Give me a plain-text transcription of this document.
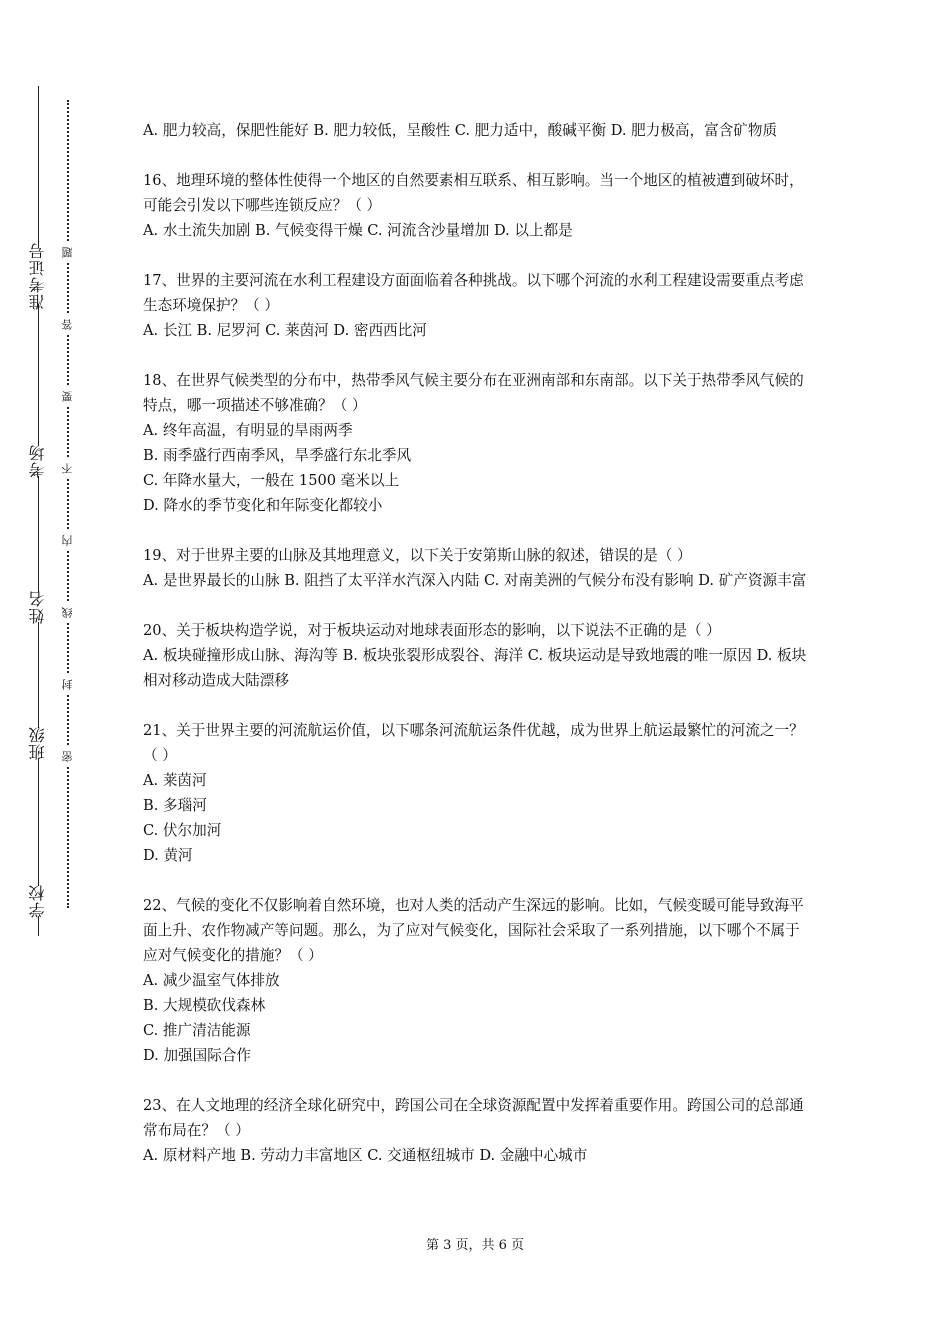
准考证号
考场
姓名
班级
学校
题
答
要
不
内
线
封
密

A. 肥力较高，保肥性能好 B. 肥力较低，呈酸性 C. 肥力适中，酸碱平衡 D. 肥力极高，富含矿物质

16、地理环境的整体性使得一个地区的自然要素相互联系、相互影响。当一个地区的植被遭到破坏时，可能会引发以下哪些连锁反应？（ ）

A. 水土流失加剧 B. 气候变得干燥 C. 河流含沙量增加 D. 以上都是

17、世界的主要河流在水利工程建设方面面临着各种挑战。以下哪个河流的水利工程建设需要重点考虑生态环境保护？（ ）

A. 长江 B. 尼罗河 C. 莱茵河 D. 密西西比河

18、在世界气候类型的分布中，热带季风气候主要分布在亚洲南部和东南部。以下关于热带季风气候的特点，哪一项描述不够准确？（ ）

A. 终年高温，有明显的旱雨两季
B. 雨季盛行西南季风，旱季盛行东北季风
C. 年降水量大，一般在 1500 毫米以上
D. 降水的季节变化和年际变化都较小

19、对于世界主要的山脉及其地理意义，以下关于安第斯山脉的叙述，错误的是（ ）

A. 是世界最长的山脉 B. 阻挡了太平洋水汽深入内陆 C. 对南美洲的气候分布没有影响 D. 矿产资源丰富

20、关于板块构造学说，对于板块运动对地球表面形态的影响，以下说法不正确的是（ ）

A. 板块碰撞形成山脉、海沟等 B. 板块张裂形成裂谷、海洋 C. 板块运动是导致地震的唯一原因 D. 板块相对移动造成大陆漂移

21、关于世界主要的河流航运价值，以下哪条河流航运条件优越，成为世界上航运最繁忙的河流之一？（ ）

A. 莱茵河
B. 多瑙河
C. 伏尔加河
D. 黄河

22、气候的变化不仅影响着自然环境，也对人类的活动产生深远的影响。比如，气候变暖可能导致海平面上升、农作物减产等问题。那么，为了应对气候变化，国际社会采取了一系列措施，以下哪个不属于应对气候变化的措施？（ ）

A. 减少温室气体排放
B. 大规模砍伐森林
C. 推广清洁能源
D. 加强国际合作

23、在人文地理的经济全球化研究中，跨国公司在全球资源配置中发挥着重要作用。跨国公司的总部通常布局在？（ ）

A. 原材料产地 B. 劳动力丰富地区 C. 交通枢纽城市 D. 金融中心城市

第 3 页，共 6 页
